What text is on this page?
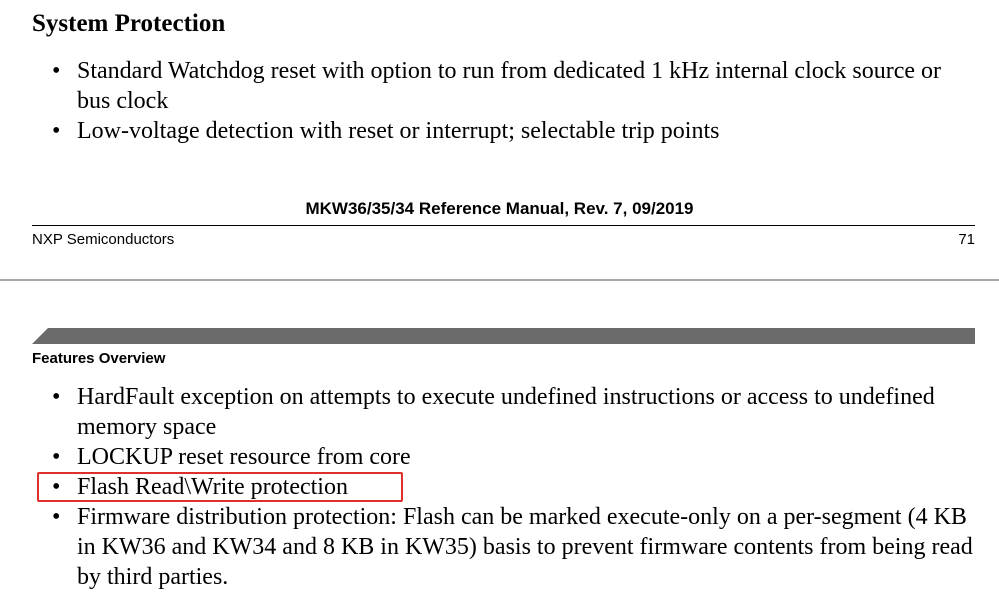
System Protection
• Standard Watchdog reset with option to run from dedicated 1 kHz internal clock source or bus clock
• Low-voltage detection with reset or interrupt; selectable trip points
MKW36/35/34 Reference Manual, Rev. 7, 09/2019
NXP Semiconductors	71
Features Overview
• HardFault exception on attempts to execute undefined instructions or access to undefined memory space
• LOCKUP reset resource from core
• Flash Read\Write protection
• Firmware distribution protection: Flash can be marked execute-only on a per-segment (4 KB in KW36 and KW34 and 8 KB in KW35) basis to prevent firmware contents from being read by third parties.
